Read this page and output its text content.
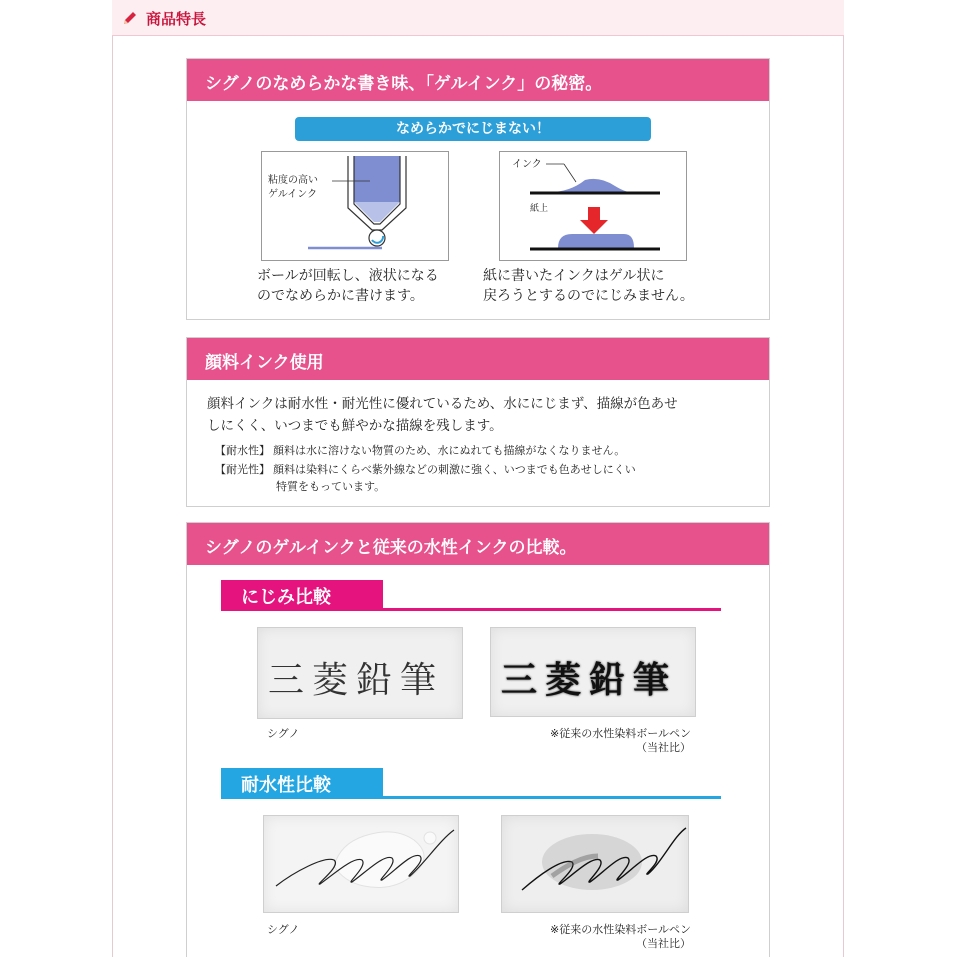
商品特長
シグノのなめらかな書き味、「ゲルインク」の秘密。
なめらかでにじまない！
粘度の高い
ゲルインク
インク
紙上
ボールが回転し、液状になる
のでなめらかに書けます。
紙に書いたインクはゲル状に
戻ろうとするのでにじみません。
顔料インク使用
顔料インクは耐水性・耐光性に優れているため、水ににじまず、描線が色あせ
しにくく、いつまでも鮮やかな描線を残します。
【耐水性】 顔料は水に溶けない物質のため、水にぬれても描線がなくなりません。
【耐光性】 顔料は染料にくらべ紫外線などの刺激に強く、いつまでも色あせしにくい
特質をもっています。
シグノのゲルインクと従来の水性インクの比較。
にじみ比較
三菱鉛筆 三菱鉛筆
シグノ	※従来の水性染料ボールペン
（当社比）
耐水性比較
シグノ	※従来の水性染料ボールペン
（当社比）
